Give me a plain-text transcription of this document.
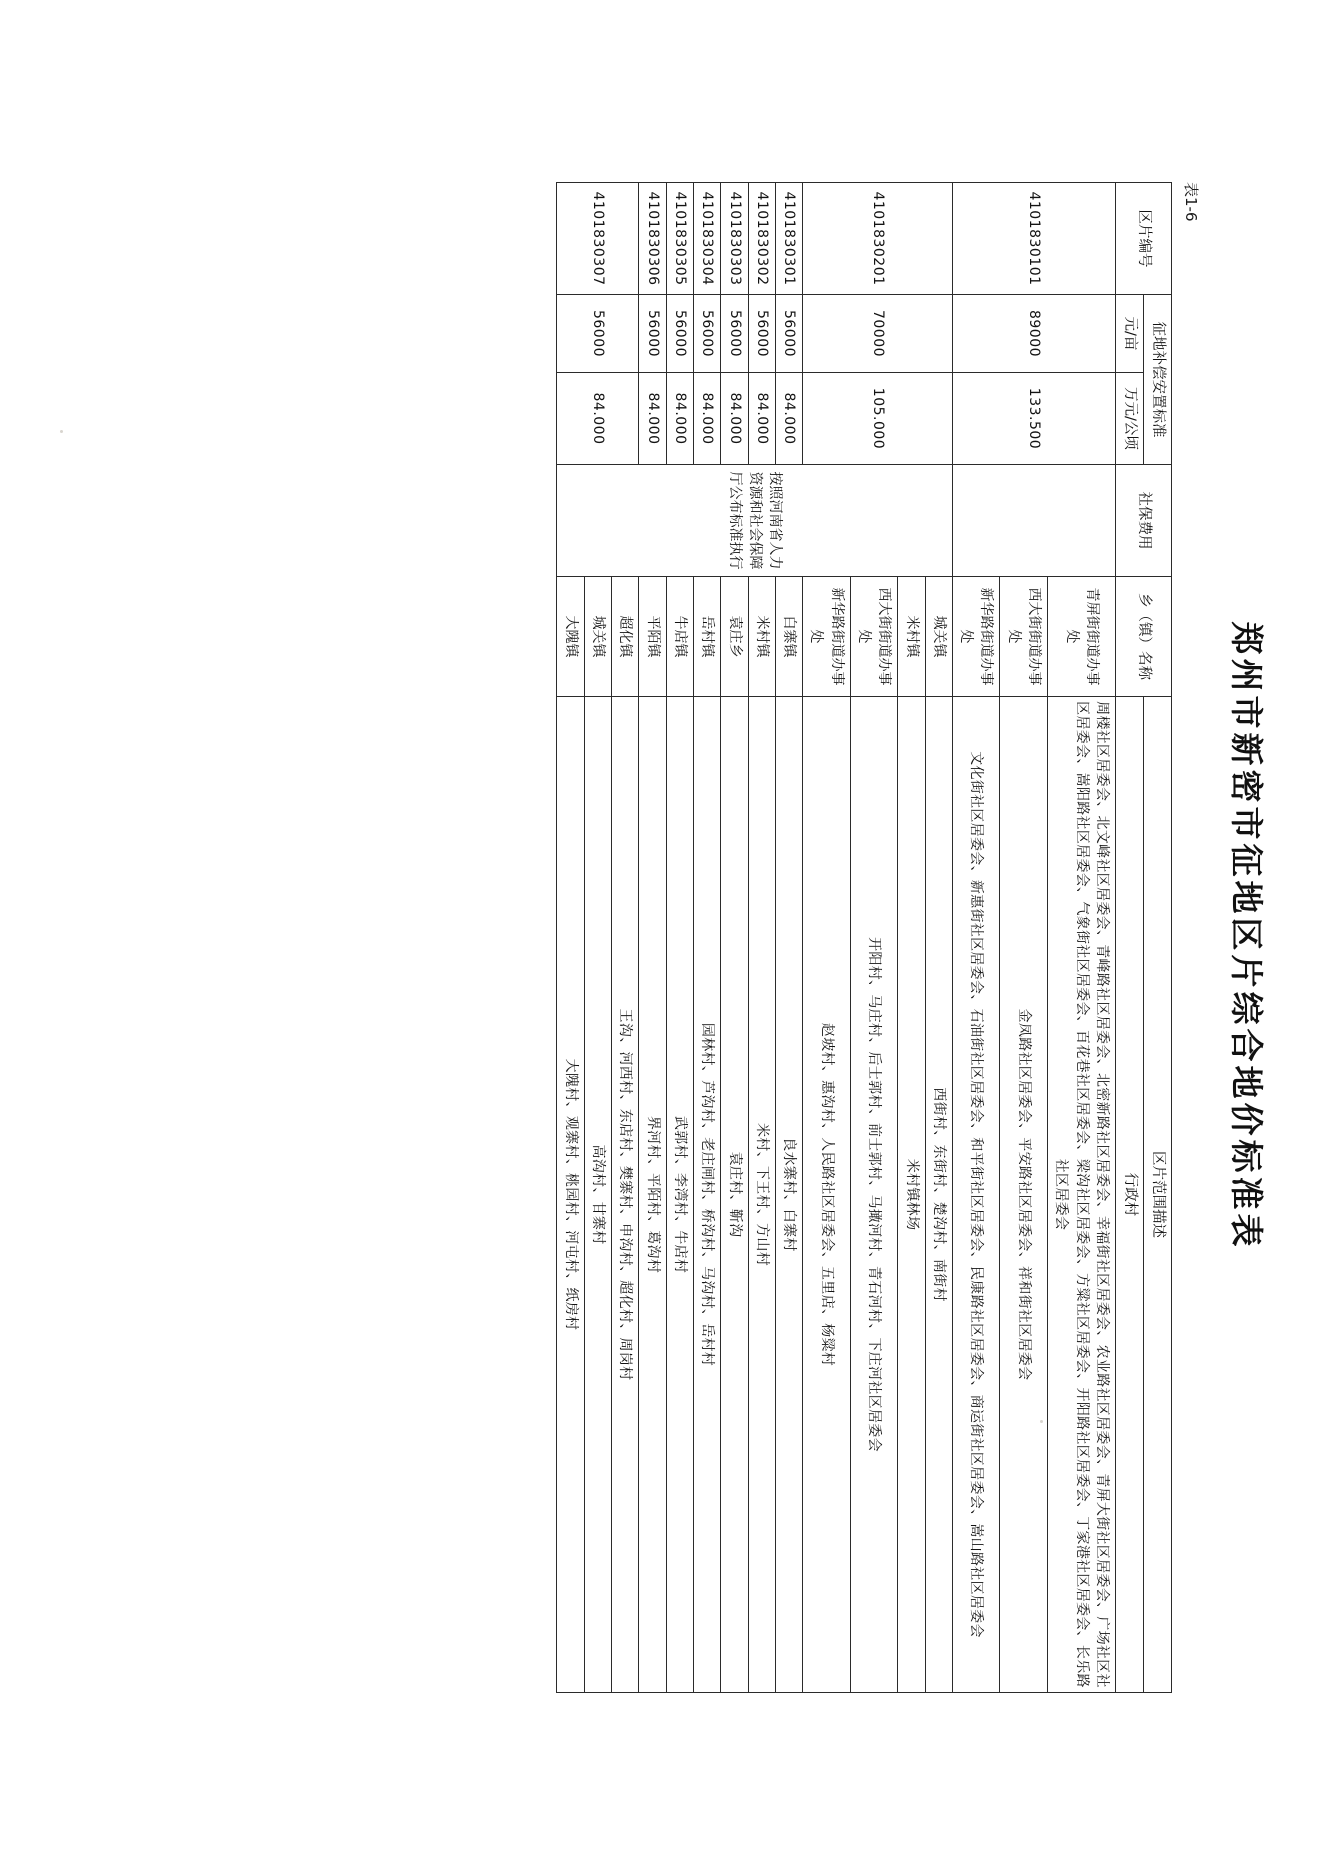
郑州市新密市征地区片综合地价标准表
表1-6
区片编号	征地补偿安置标准		社保费用	乡（镇）名称	区片范围描述
	元/亩	万元/公顷			行政村
4101830101	89000	133.500		青屏街街道办事处	周楼社区居委会、北文峰社区居委会、青峰路社区居委会、北密新路社区居委会、幸福街社区居委会、农业路社区居委会、青屏大街社区居委会、广场社区社区居委会、嵩阳路社区居委会、气象街社区居委会、百花巷社区居委会、梁沟社区居委会、方粱社区居委会、开阳路社区居委会、丁家港社区居委会、长乐路社区居委会
				西大街街道办事处	金凤路社区居委会、平安路社区居委会、祥和街社区居委会
				新华路街道办事处	文化街社区居委会、新惠街社区居委会、石油街社区居委会、和平街社区居委会、民康路社区居委会、商运街社区居委会、嵩山路社区居委会
4101830201	70000	105.000	按照河南省人力资源和社会保障厅公布标准执行	城关镇	西街村、东街村、楚沟村、南街村
				米村镇	米村镇林场
				西大街街道办事处	开阳村、马庄村、后士郭村、前士郭村、马撖河村、青石河村、下庄河社区居委会
				新华路街道办事处	赵坡村、惠沟村、人民路社区居委会、五里店、杨粱村
4101830301	56000	84.000		白寨镇	良水寨村、白寨村
4101830302	56000	84.000		米村镇	米村、下王村、方山村
4101830303	56000	84.000		袁庄乡	袁庄村、靳沟
4101830304	56000	84.000		岳村镇	园林村、芦沟村、老庄闸村、桥沟村、马沟村、岳村村
4101830305	56000	84.000		牛店镇	武郭村、李湾村、牛店村
4101830306	56000	84.000		平陌镇	界河村、平陌村、葛沟村
4101830307	56000	84.000		超化镇	王沟、河西村、东店村、樊寨村、申沟村、超化村、周岗村
				城关镇	高沟村、甘寨村
				大隗镇	大隗村、观寨村、桃园村、河屯村、纸房村
